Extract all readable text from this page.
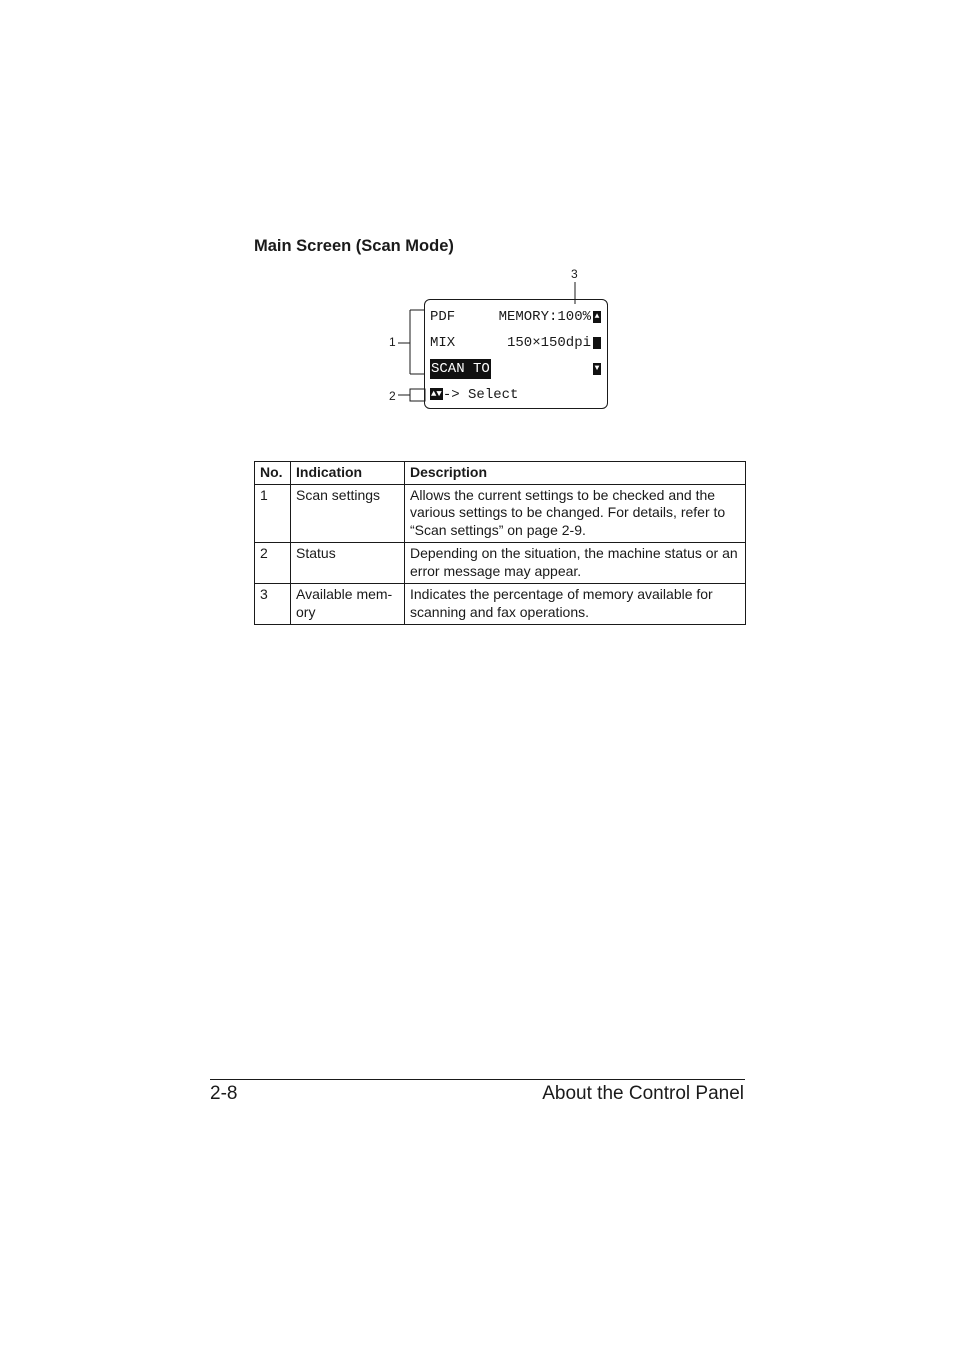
Main Screen (Scan Mode)
1
2
3
PDF	MEMORY:100% ▲
MIX	150×150dpi
SCAN TO	▼
▲▼-> Select
No.	Indication	Description
1	Scan settings	Allows the current settings to be checked and the various settings to be changed. For details, refer to “Scan settings” on page 2-9.
2	Status	Depending on the situation, the machine status or an error message may appear.
3	Available mem-ory	Indicates the percentage of memory available for scanning and fax operations.
2-8	About the Control Panel
